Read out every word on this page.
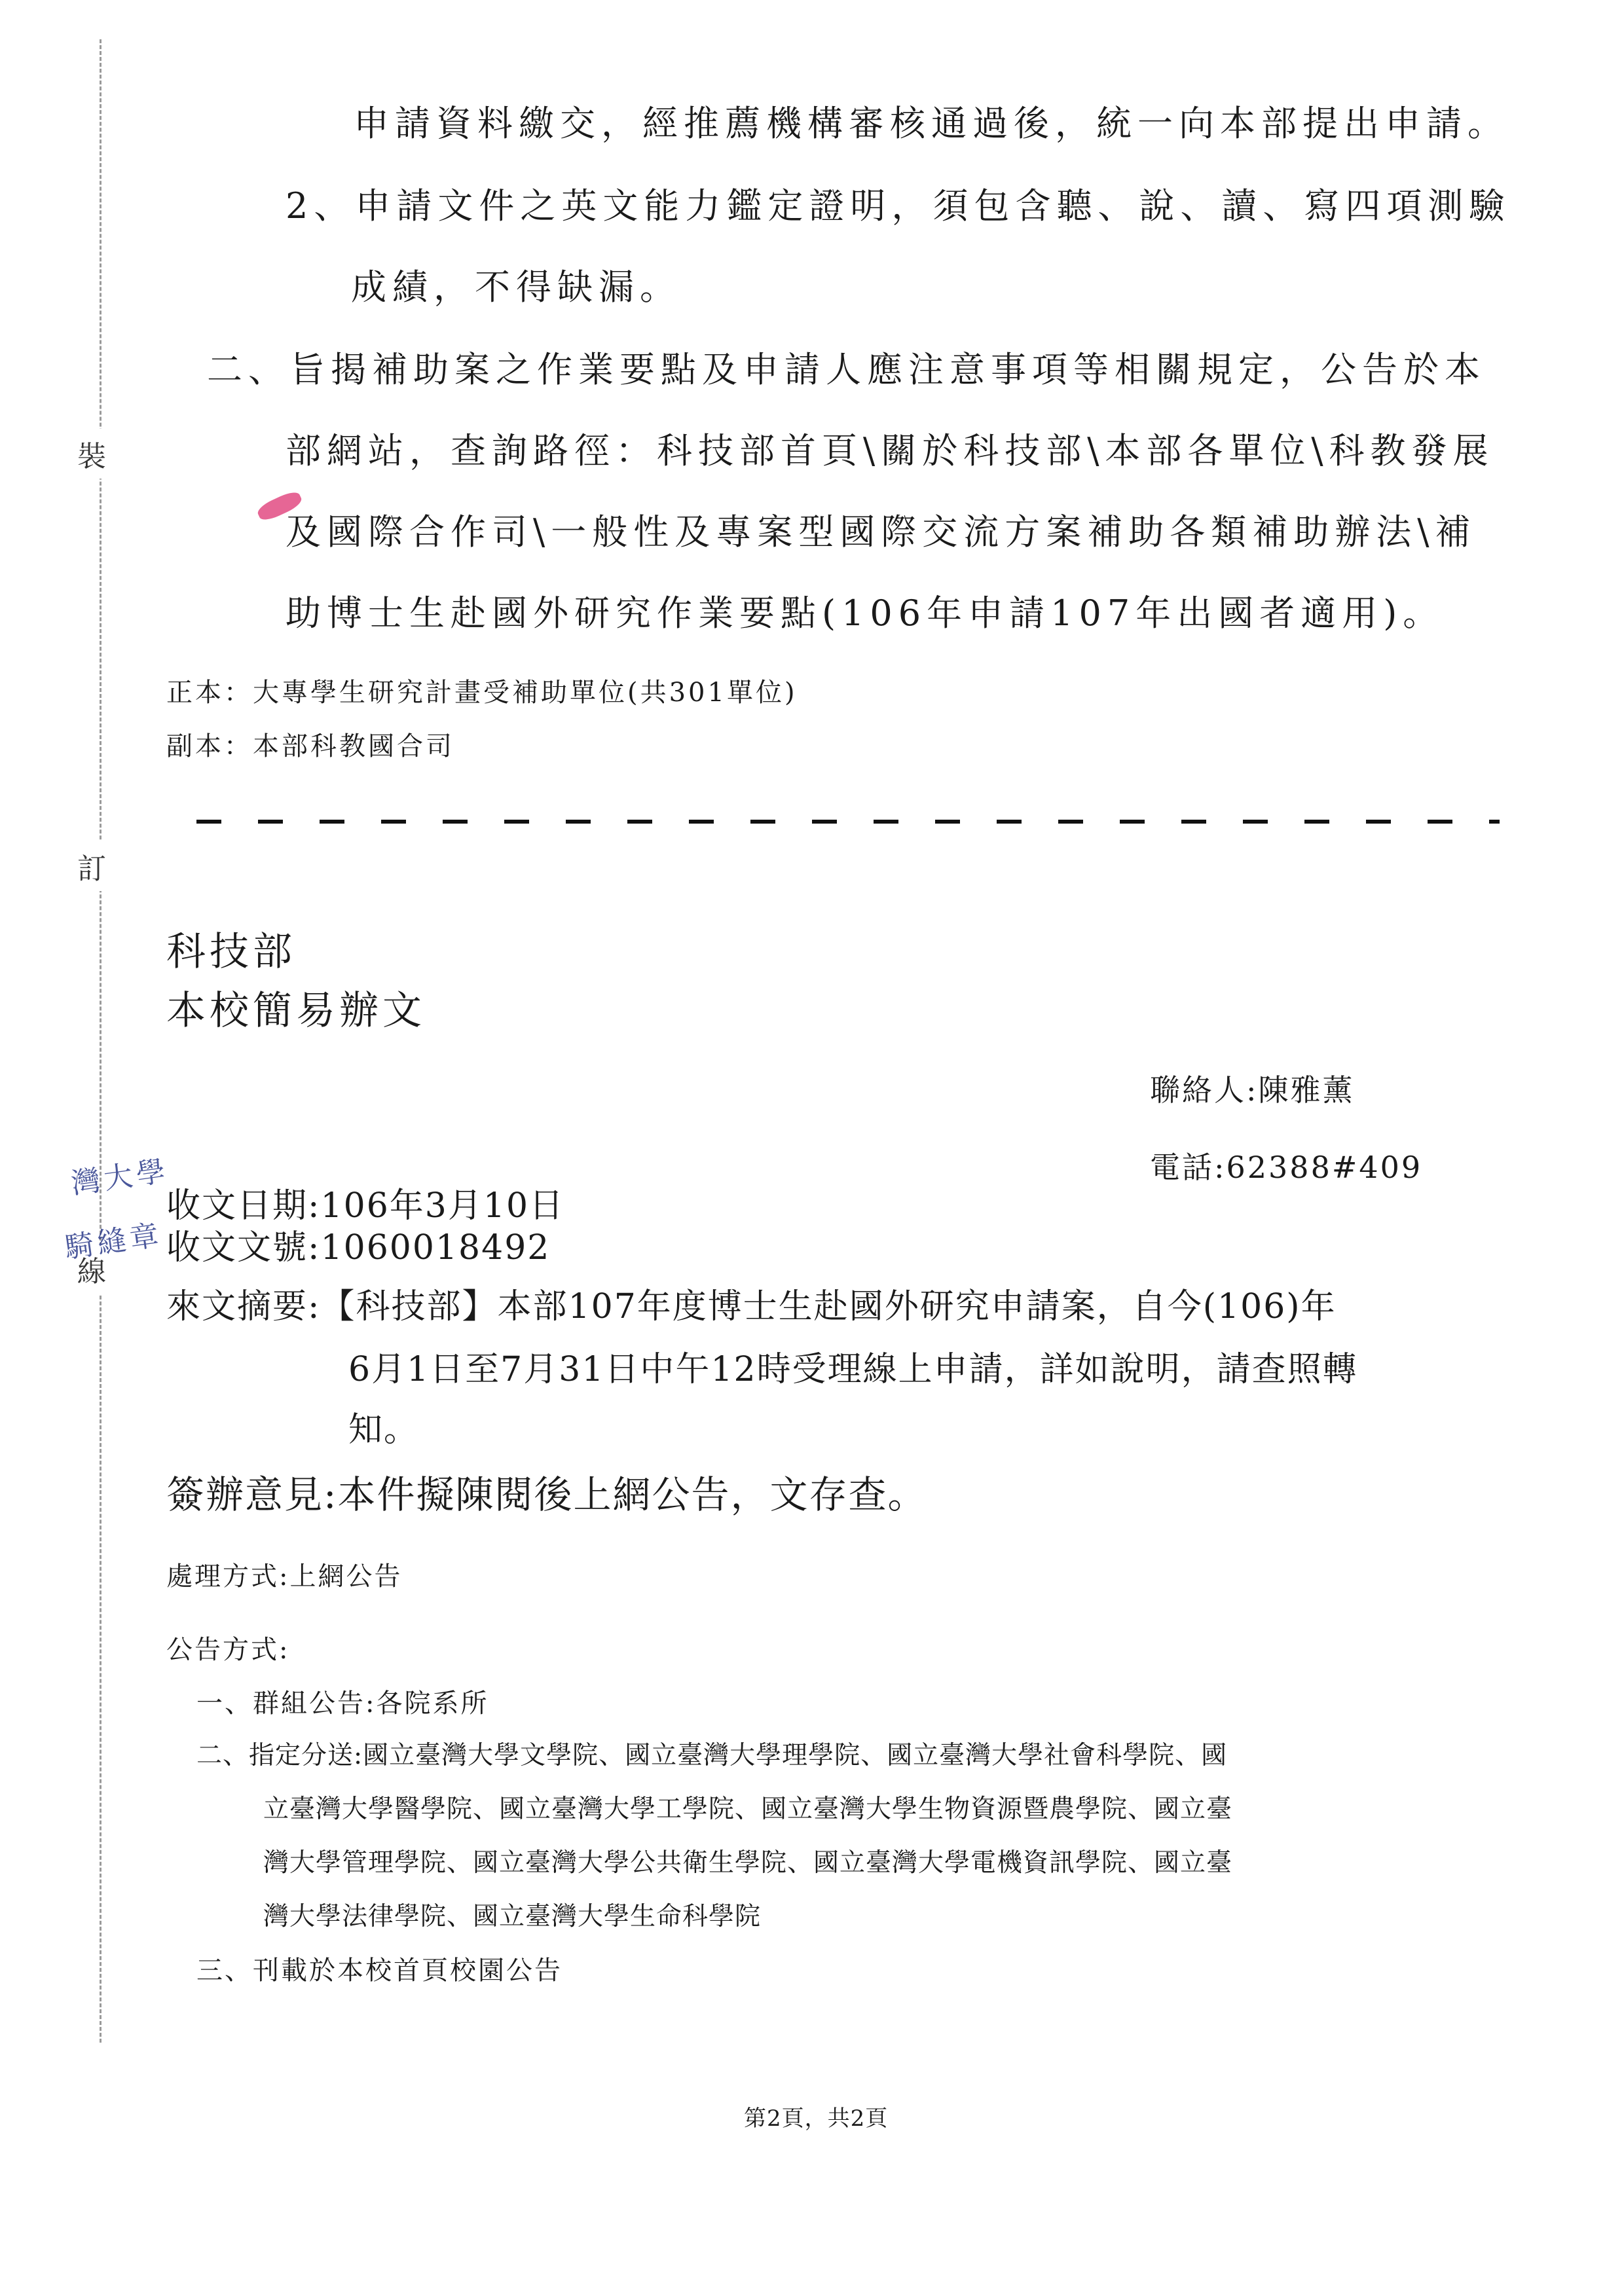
裝
訂
線
申請資料繳交，經推薦機構審核通過後，統一向本部提出申請。
2、申請文件之英文能力鑑定證明，須包含聽、說、讀、寫四項測驗
成績，不得缺漏。
二、旨揭補助案之作業要點及申請人應注意事項等相關規定，公告於本
部網站，查詢路徑：科技部首頁\關於科技部\本部各單位\科教發展
及國際合作司\一般性及專案型國際交流方案補助各類補助辦法\補
助博士生赴國外研究作業要點(106年申請107年出國者適用)。
正本：大專學生研究計畫受補助單位(共301單位)
副本：本部科教國合司
科技部
本校簡易辦文
聯絡人:陳雅薰
電話:62388#409
灣大學
騎縫章
收文日期:106年3月10日
收文文號:1060018492
來文摘要:【科技部】本部107年度博士生赴國外研究申請案，自今(106)年
6月1日至7月31日中午12時受理線上申請，詳如說明，請查照轉
知。
簽辦意見:本件擬陳閱後上網公告，文存查。
處理方式:上網公告
公告方式:
一、群組公告:各院系所
二、指定分送:國立臺灣大學文學院、國立臺灣大學理學院、國立臺灣大學社會科學院、國
立臺灣大學醫學院、國立臺灣大學工學院、國立臺灣大學生物資源暨農學院、國立臺
灣大學管理學院、國立臺灣大學公共衛生學院、國立臺灣大學電機資訊學院、國立臺
灣大學法律學院、國立臺灣大學生命科學院
三、刊載於本校首頁校園公告
第2頁，共2頁
